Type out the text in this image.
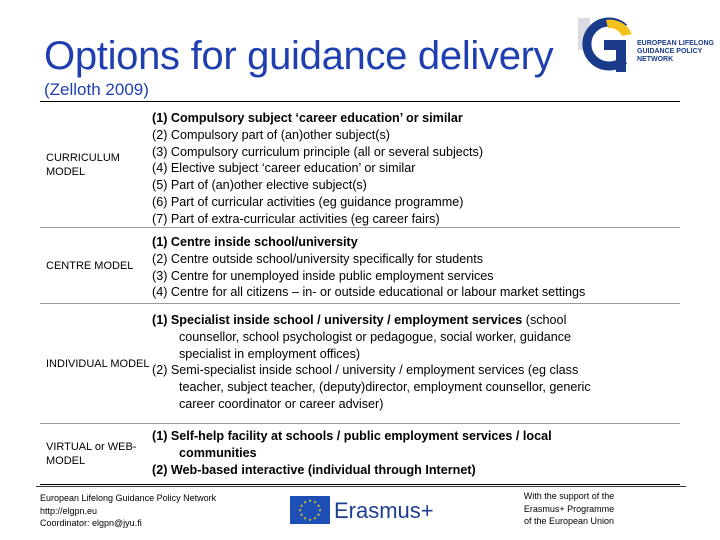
Options for guidance delivery
(Zelloth 2009)
EUROPEAN LIFELONG
GUIDANCE POLICY
NETWORK
CURRICULUM MODEL
(1) Compulsory subject ‘career education’ or similar
(2) Compulsory part of (an)other subject(s)
(3) Compulsory curriculum principle (all or several subjects)
(4) Elective subject ‘career education’ or similar
(5) Part of (an)other elective subject(s)
(6) Part of curricular activities (eg guidance programme)
(7) Part of extra-curricular activities (eg career fairs)
CENTRE MODEL
(1) Centre inside school/university
(2) Centre outside school/university specifically for students
(3) Centre for unemployed inside public employment services
(4) Centre for all citizens – in- or outside educational or labour market settings
INDIVIDUAL MODEL
(1) Specialist inside school / university / employment services (school
counsellor, school psychologist or pedagogue, social worker, guidance
specialist in employment offices)
(2) Semi-specialist inside school / university / employment services (eg class
teacher, subject teacher, (deputy)director, employment counsellor, generic
career coordinator or career adviser)
VIRTUAL or WEB-MODEL
(1) Self-help facility at schools / public employment services / local
communities
(2) Web-based interactive (individual through Internet)
European Lifelong Guidance Policy Network
http://elgpn.eu
Coordinator: elgpn@jyu.fi
★ ★
★
★
★
★
★
★
★
★
★
★ Erasmus+
With the support of the
Erasmus+ Programme
of the European Union
